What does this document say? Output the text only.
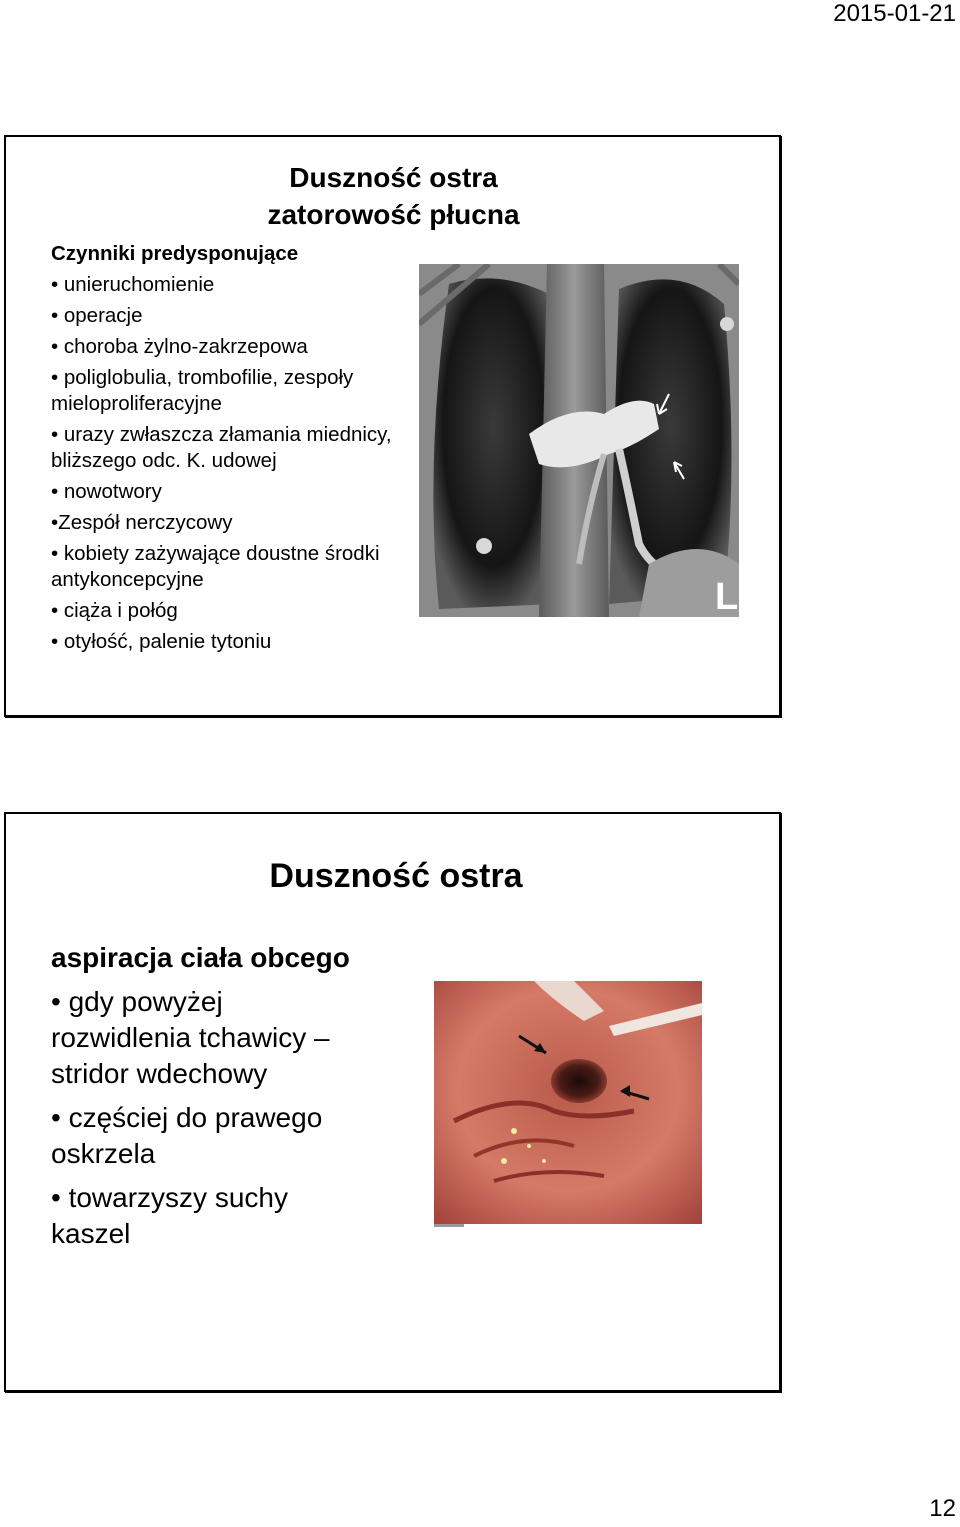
2015-01-21
Duszność ostra
zatorowość płucna
Czynniki predysponujące
• unieruchomienie
• operacje
• choroba żylno-zakrzepowa
• poliglobulia, trombofilie, zespoły mieloproliferacyjne
• urazy zwłaszcza złamania miednicy, bliższego odc. K. udowej
• nowotwory
•Zespół nerczycowy
• kobiety zażywające doustne środki antykoncepcyjne
• ciąża i połóg
• otyłość, palenie tytoniu
L
Duszność ostra
aspiracja ciała obcego
• gdy powyżej rozwidlenia tchawicy – stridor wdechowy
• częściej do prawego oskrzela
• towarzyszy suchy kaszel
12
